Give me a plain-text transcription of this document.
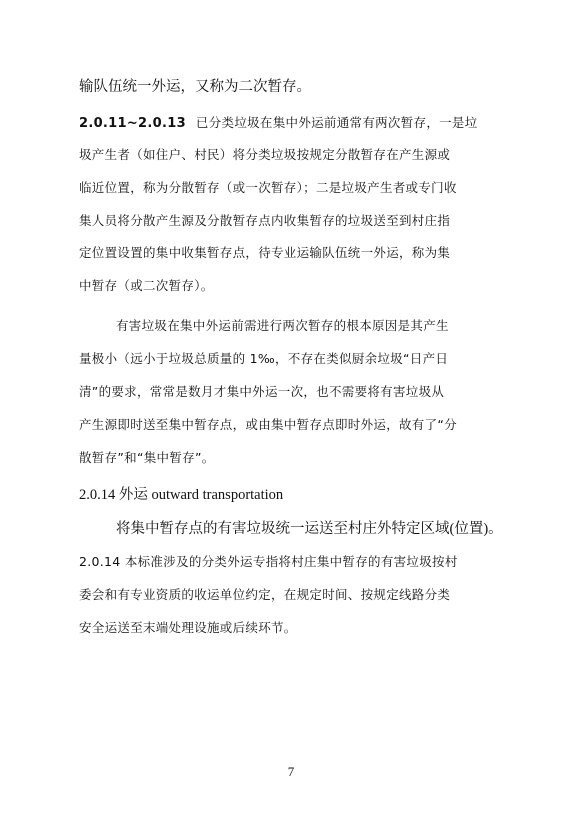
输队伍统一外运，又称为二次暂存。
2.0.11~2.0.13 已分类垃圾在集中外运前通常有两次暂存，一是垃
圾产生者（如住户、村民）将分类垃圾按规定分散暂存在产生源或
临近位置，称为分散暂存（或一次暂存）；二是垃圾产生者或专门收
集人员将分散产生源及分散暂存点内收集暂存的垃圾送至到村庄指
定位置设置的集中收集暂存点，待专业运输队伍统一外运，称为集
中暂存（或二次暂存）。
有害垃圾在集中外运前需进行两次暂存的根本原因是其产生
量极小（远小于垃圾总质量的 1‰，不存在类似厨余垃圾“日产日
清”的要求，常常是数月才集中外运一次，也不需要将有害垃圾从
产生源即时送至集中暂存点，或由集中暂存点即时外运，故有了“分
散暂存”和“集中暂存”。
2.0.14 外运 outward transportation
将集中暂存点的有害垃圾统一运送至村庄外特定区域(位置)。
2.0.14 本标准涉及的分类外运专指将村庄集中暂存的有害垃圾按村
委会和有专业资质的收运单位约定，在规定时间、按规定线路分类
安全运送至末端处理设施或后续环节。
7
